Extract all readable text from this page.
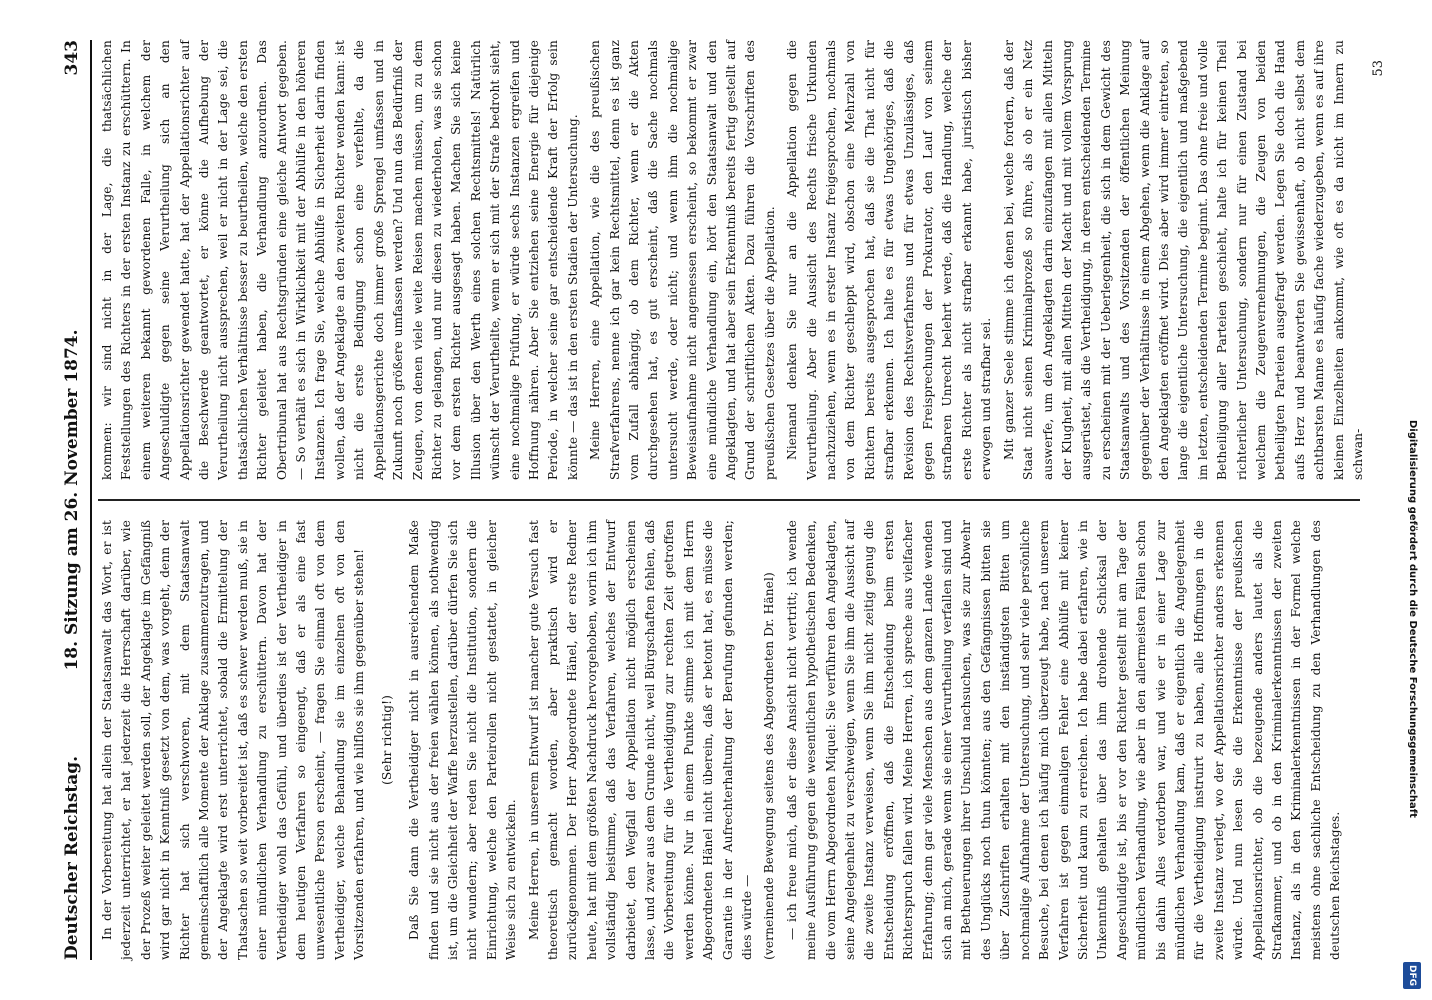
Deutscher Reichstag.
18. Sitzung am 26. November 1874.
343

In der Vorbereitung hat allein der Staatsanwalt das Wort, er ist jederzeit unterrichtet, er hat jederzeit die Herrschaft darüber, wie der Prozeß weiter geleitet werden soll, der Angeklagte im Gefängniß wird gar nicht in Kenntniß gesetzt von dem, was vorgeht, denn der Richter hat sich verschworen, mit dem Staatsanwalt gemeinschaftlich alle Momente der Anklage zusammenzutragen, und der Angeklagte wird erst unterrichtet, sobald die Ermittelung der Thatsachen so weit vorbereitet ist, daß es schwer werden muß, sie in einer mündlichen Verhandlung zu erschüttern. Davon hat der Vertheidiger wohl das Gefühl, und überdies ist der Vertheidiger in dem heutigen Verfahren so eingeengt, daß er als eine fast unwesentliche Person erscheint, — fragen Sie einmal oft von dem Vertheidiger, welche Behandlung sie im einzelnen oft von den Vorsitzenden erfahren, und wie hilflos sie ihm gegenüber stehen! (Sehr richtig!) Daß Sie dann die Vertheidiger nicht in ausreichendem Maße finden und sie nicht aus der freien wählen können, als nothwendig ist, um die Gleichheit der Waffe herzustellen, darüber dürfen Sie sich nicht wundern; aber reden Sie nicht die Institution, sondern die Einrichtung, welche den Parteirollen nicht gestattet, in gleicher Weise sich zu entwickeln. Meine Herren, in unserem Entwurf ist mancher gute Versuch fast theoretisch gemacht worden, aber praktisch wird er zurückgenommen. Der Herr Abgeordnete Hänel, der erste Redner heute, hat mit dem größten Nachdruck hervorgehoben, worin ich ihm vollständig beistimme, daß das Verfahren, welches der Entwurf darbietet, den Wegfall der Appellation nicht möglich erscheinen lasse, und zwar aus dem Grunde nicht, weil Bürgschaften fehlen, daß die Vorbereitung für die Vertheidigung zur rechten Zeit getroffen werden könne. Nur in einem Punkte stimme ich mit dem Herrn Abgeordneten Hänel nicht überein, daß er betont hat, es müsse die Garantie in der Aufrechterhaltung der Berufung gefunden werden; dies würde — (verneinende Bewegung seitens des Abgeordneten Dr. Hänel) — ich freue mich, daß er diese Ansicht nicht vertritt; ich wende meine Ausführung gegen die wesentlichen hypothetischen Bedenken, die vom Herrn Abgeordneten Miquel: Sie verführen den Angeklagten, seine Angelegenheit zu verschweigen, wenn Sie ihm die Aussicht auf die zweite Instanz verweisen, wenn Sie ihm nicht zeitig genug die Entscheidung eröffnen, daß die Entscheidung beim ersten Richterspruch fallen wird. Meine Herren, ich spreche aus vielfacher Erfahrung; denn gar viele Menschen aus dem ganzen Lande wenden sich an mich, gerade wenn sie einer Verurtheilung verfallen sind und mit Betheuerungen ihrer Unschuld nachsuchen, was sie zur Abwehr des Unglücks noch thun könnten; aus den Gefängnissen bitten sie über Zuschriften erhalten mit den inständigsten Bitten um nochmalige Aufnahme der Untersuchung, und sehr viele persönliche Besuche, bei denen ich häufig mich überzeugt habe, nach unserem Verfahren ist gegen einmaligen Fehler eine Abhülfe mit keiner Sicherheit und kaum zu erreichen. Ich habe dabei erfahren, wie in Unkenntniß gehalten über das ihm drohende Schicksal der Angeschuldigte ist, bis er vor den Richter gestellt mit am Tage der mündlichen Verhandlung, wie aber in den allermeisten Fällen schon bis dahin Alles verdorben war, und wie er in einer Lage zur mündlichen Verhandlung kam, daß er eigentlich die Angelegenheit für die Vertheidigung instruirt zu haben, alle Hoffnungen in die zweite Instanz verlegt, wo der Appellationsrichter anders erkennen würde. Und nun lesen Sie die Erkenntnisse der preußischen Appellationsrichter, ob die bezeugende anders lautet als die Strafkammer, und ob in den Kriminalerkenntnissen der zweiten Instanz, als in den Kriminalerkenntnissen in der Formel welche meistens ohne sachliche Entscheidung zu den Verhandlungen des deutschen Reichstages.

kommen: wir sind nicht in der Lage, die thatsächlichen Feststellungen des Richters in der ersten Instanz zu erschüttern. In einem weiteren bekannt gewordenen Falle, in welchem der Angeschuldigte gegen seine Verurtheilung sich an den Appellationsrichter gewendet hatte, hat der Appellationsrichter auf die Beschwerde geantwortet, er könne die Aufhebung der Verurtheilung nicht aussprechen, weil er nicht in der Lage sei, die thatsächlichen Verhältnisse besser zu beurtheilen, welche den ersten Richter geleitet haben, die Verhandlung anzuordnen. Das Obertribunal hat aus Rechtsgründen eine gleiche Antwort gegeben. — So verhält es sich in Wirklichkeit mit der Abhülfe in den höheren Instanzen. Ich frage Sie, welche Abhülfe in Sicherheit darin finden wollen, daß der Angeklagte an den zweiten Richter wenden kann: ist nicht die erste Bedingung schon eine verfehlte, da die Appellationsgerichte doch immer große Sprengel umfassen und in Zukunft noch größere umfassen werden? Und nun das Bedürfniß der Zeugen, von denen viele weite Reisen machen müssen, um zu dem Richter zu gelangen, und nur diesen zu wiederholen, was sie schon vor dem ersten Richter ausgesagt haben. Machen Sie sich keine Illusion über den Werth eines solchen Rechtsmittels! Natürlich wünscht der Verurtheilte, wenn er sich mit der Strafe bedroht sieht, eine nochmalige Prüfung, er würde sechs Instanzen ergreifen und Hoffnung nähren. Aber Sie entziehen seine Energie für diejenige Periode, in welcher seine gar entscheidende Kraft der Erfolg sein könnte — das ist in den ersten Stadien der Untersuchung. Meine Herren, eine Appellation, wie die des preußischen Strafverfahrens, nenne ich gar kein Rechtsmittel, denn es ist ganz vom Zufall abhängig, ob dem Richter, wenn er die Akten durchgesehen hat, es gut erscheint, daß die Sache nochmals untersucht werde, oder nicht; und wenn ihm die nochmalige Beweisaufnahme nicht angemessen erscheint, so bekommt er zwar eine mündliche Verhandlung ein, hört den Staatsanwalt und den Angeklagten, und hat aber sein Erkenntniß bereits fertig gestellt auf Grund der schriftlichen Akten. Dazu führen die Vorschriften des preußischen Gesetzes über die Appellation. Niemand denken Sie nur an die Appellation gegen die Verurtheilung. Aber die Aussicht des Rechts frische Urkunden nachzuziehen, wenn es in erster Instanz freigesprochen, nochmals von dem Richter geschleppt wird, obschon eine Mehrzahl von Richtern bereits ausgesprochen hat, daß sie die That nicht für strafbar erkennen. Ich halte es für etwas Ungehöriges, daß die Revision des Rechtsverfahrens und für etwas Unzulässiges, daß gegen Freisprechungen der Prokurator, den Lauf von seinem strafbaren Unrecht belehrt werde, daß die Handlung, welche der erste Richter als nicht strafbar erkannt habe, juristisch bisher erwogen und strafbar sei. Mit ganzer Seele stimme ich denen bei, welche fordern, daß der Staat nicht seinen Kriminalprozeß so führe, als ob er ein Netz auswerfe, um den Angeklagten darin einzufangen mit allen Mitteln der Klugheit, mit allen Mitteln der Macht und mit vollem Vorsprung ausgerüstet, als die Vertheidigung, in deren entscheidenden Termine zu erscheinen mit der Ueberlegenheit, die sich in dem Gewicht des Staatsanwalts und des Vorsitzenden der öffentlichen Meinung gegenüber der Verhältnisse in einem Abgehen, wenn die Anklage auf den Angeklagten eröffnet wird. Dies aber wird immer eintreten, so lange die eigentliche Untersuchung, die eigentlich und maßgebend im letzten, entscheidenden Termine beginnt. Das ohne freie und volle Betheiligung aller Parteien geschieht, halte ich für keinen Theil richterlicher Untersuchung, sondern nur für einen Zustand bei welchem die Zeugenvernehmungen, die Zeugen von beiden betheiligten Parteien ausgefragt werden. Legen Sie doch die Hand aufs Herz und beantworten Sie gewissenhaft, ob nicht selbst dem achtbarsten Manne es häufig fache wiederzugeben, wenn es auf ihre kleinen Einzelheiten ankommt, wie oft es da nicht im Innern zu schwan-

53
Digitalisierung gefördert durch die Deutsche Forschungsgemeinschaft
DFG
